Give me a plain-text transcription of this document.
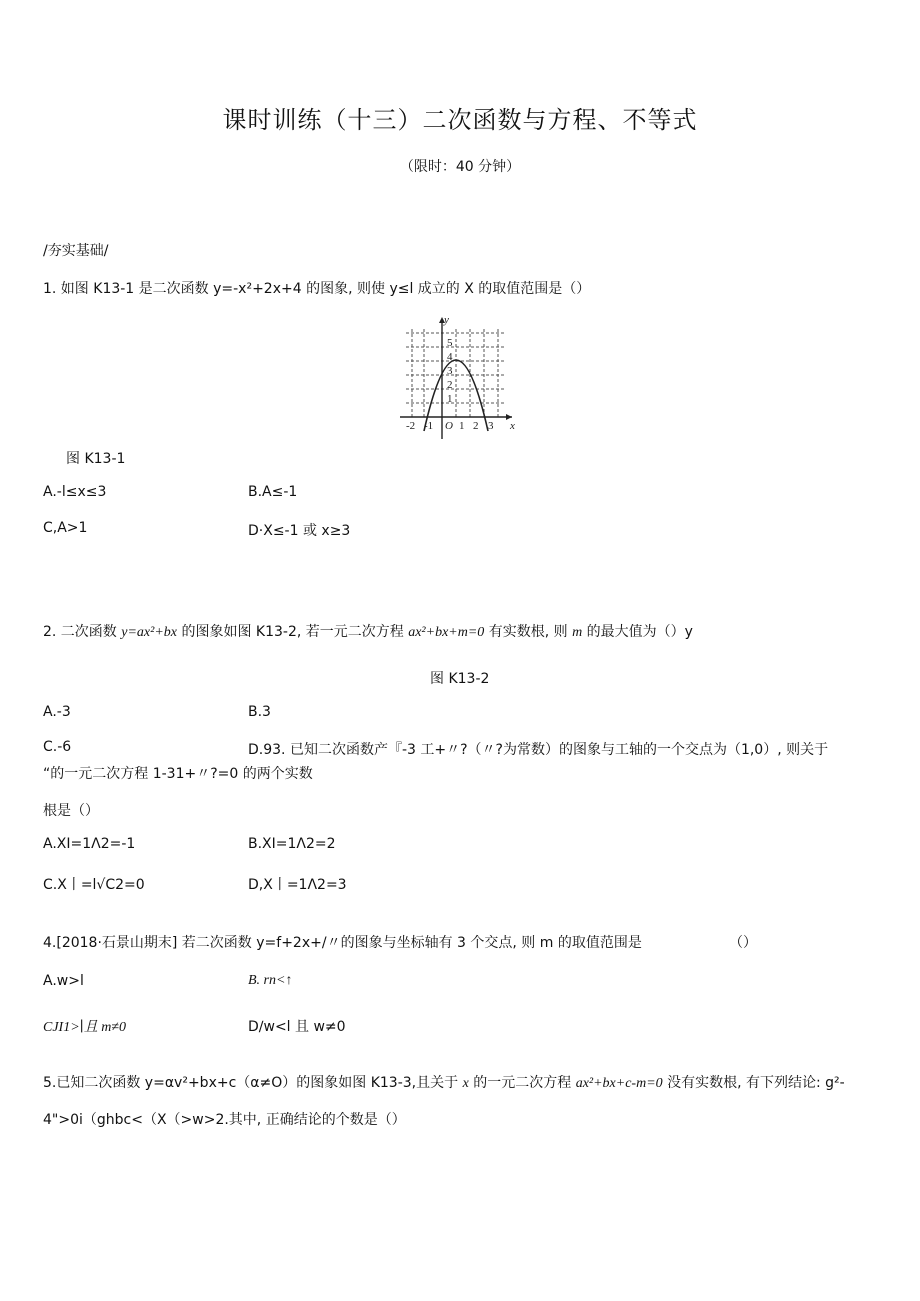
课时训练（十三）二次函数与方程、不等式
（限时：40 分钟）
/夯实基础/
1. 如图 K13-1 是二次函数 y=-x²+2x+4 的图象, 则使 y≤l 成立的 X 的取值范围是（）
y
x
5
4
3
2
1
-2 -1 O 1 2 3
图 K13-1
A.-l≤x≤3	B.A≤-1
C,A>1	D·X≤-1 或 x≥3
2. 二次函数 y=ax²+bx 的图象如图 K13-2, 若一元二次方程 ax²+bx+m=0 有实数根, 则 m 的最大值为（）y
图 K13-2
A.-3	B.3
C.-6	D.93. 已知二次函数产『-3 工+〃?（〃?为常数）的图象与工轴的一个交点为（1,0）, 则关于
“的一元二次方程 1-31+〃?=0 的两个实数
根是（）
A.XI=1Λ2=-1	B.XI=1Λ2=2
C.X丨=l√C2=0	D,X丨=1Λ2=3
4.[2018·石景山期末] 若二次函数 y=f+2x+/〃的图象与坐标轴有 3 个交点, 则 m 的取值范围是	（）
A.w>l	B. rn<↑
CJI1>∣且 m≠0	D∕w<l 且 w≠0
5.已知二次函数 y=αv²+bx+c（α≠O）的图象如图 K13-3,且关于 x 的一元二次方程 ax²+bx+c-m=0 没有实数根, 有下列结论: g²-
4">0i（ghbc<（X（>w>2.其中, 正确结论的个数是（）
